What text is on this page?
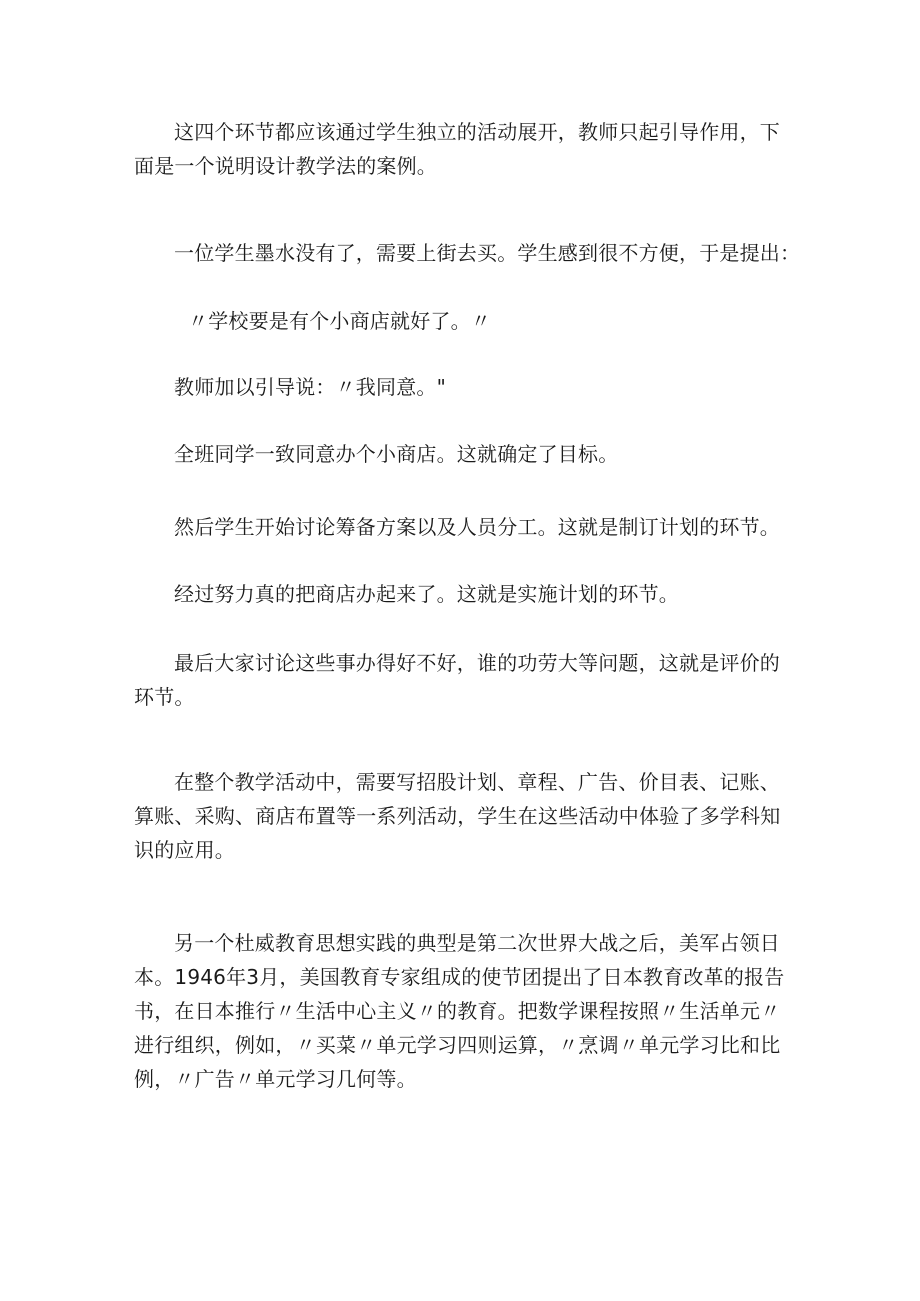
这四个环节都应该通过学生独立的活动展开，教师只起引导作用，下
面是一个说明设计教学法的案例。

一位学生墨水没有了，需要上街去买。学生感到很不方便，于是提出：

〃学校要是有个小商店就好了。〃

教师加以引导说：〃我同意。"

全班同学一致同意办个小商店。这就确定了目标。

然后学生开始讨论筹备方案以及人员分工。这就是制订计划的环节。

经过努力真的把商店办起来了。这就是实施计划的环节。

最后大家讨论这些事办得好不好，谁的功劳大等问题，这就是评价的
环节。

在整个教学活动中，需要写招股计划、章程、广告、价目表、记账、
算账、采购、商店布置等一系列活动，学生在这些活动中体验了多学科知
识的应用。

另一个杜威教育思想实践的典型是第二次世界大战之后，美军占领日
本。1946年3月，美国教育专家组成的使节团提出了日本教育改革的报告
书，在日本推行〃生活中心主义〃的教育。把数学课程按照〃生活单元〃
进行组织，例如，〃买菜〃单元学习四则运算，〃烹调〃单元学习比和比
例，〃广告〃单元学习几何等。
